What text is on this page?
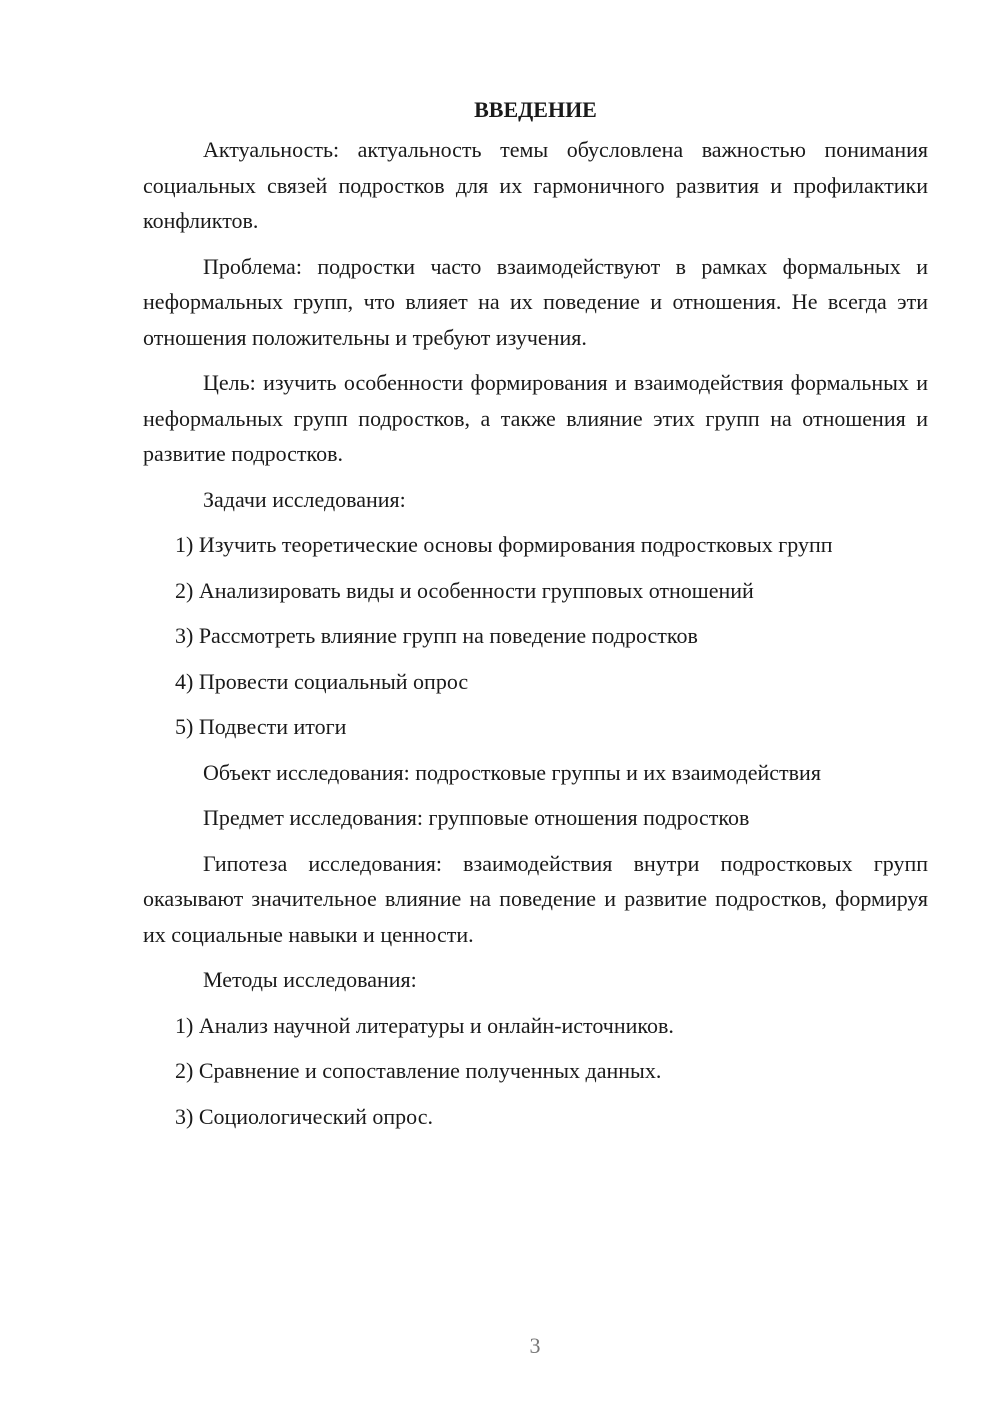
ВВЕДЕНИЕ

Актуальность: актуальность темы обусловлена важностью понимания социальных связей подростков для их гармоничного развития и профилактики конфликтов.

Проблема: подростки часто взаимодействуют в рамках формальных и неформальных групп, что влияет на их поведение и отношения. Не всегда эти отношения положительны и требуют изучения.

Цель: изучить особенности формирования и взаимодействия формальных и неформальных групп подростков, а также влияние этих групп на отношения и развитие подростков.

Задачи исследования:
1) Изучить теоретические основы формирования подростковых групп
2) Анализировать виды и особенности групповых отношений
3) Рассмотреть влияние групп на поведение подростков
4) Провести социальный опрос
5) Подвести итоги
Объект исследования: подростковые группы и их взаимодействия
Предмет исследования: групповые отношения подростков

Гипотеза исследования: взаимодействия внутри подростковых групп оказывают значительное влияние на поведение и развитие подростков, формируя их социальные навыки и ценности.

Методы исследования:
1) Анализ научной литературы и онлайн-источников.
2) Сравнение и сопоставление полученных данных.
3) Социологический опрос.
3
